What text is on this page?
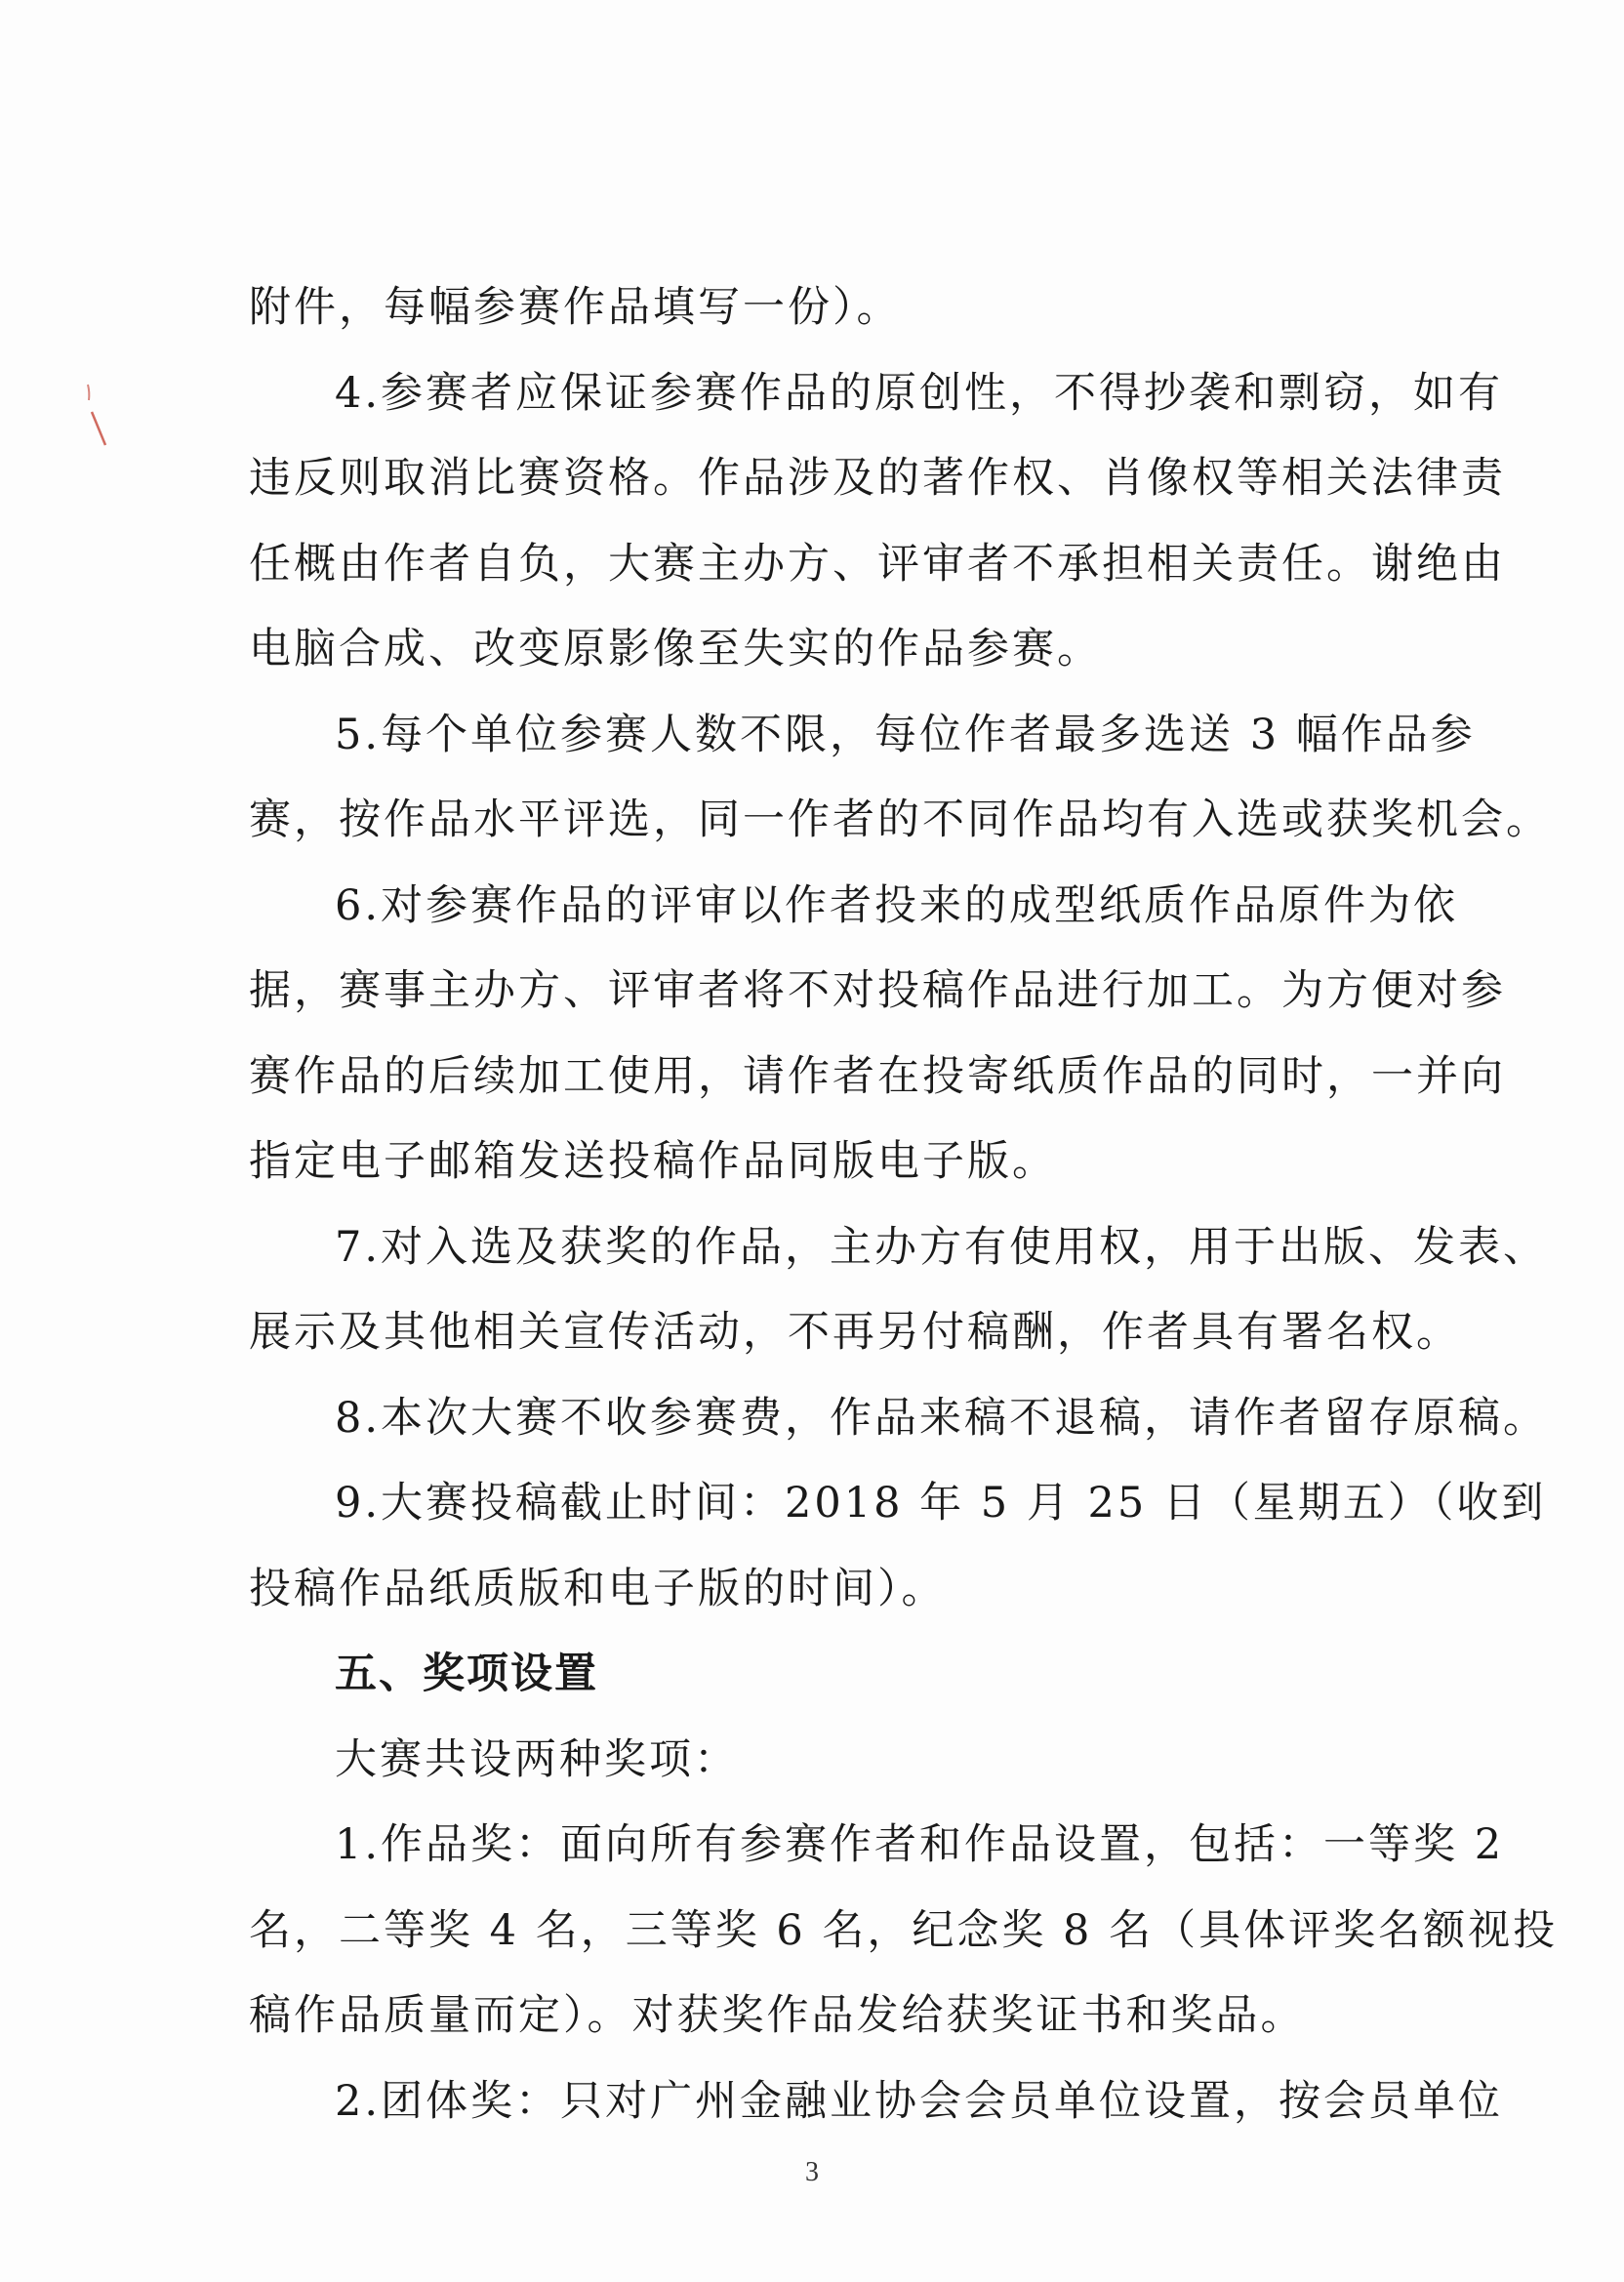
附件，每幅参赛作品填写一份）。
4.参赛者应保证参赛作品的原创性，不得抄袭和剽窃，如有
违反则取消比赛资格。作品涉及的著作权、肖像权等相关法律责
任概由作者自负，大赛主办方、评审者不承担相关责任。谢绝由
电脑合成、改变原影像至失实的作品参赛。
5.每个单位参赛人数不限，每位作者最多选送 3 幅作品参
赛，按作品水平评选，同一作者的不同作品均有入选或获奖机会。
6.对参赛作品的评审以作者投来的成型纸质作品原件为依
据，赛事主办方、评审者将不对投稿作品进行加工。为方便对参
赛作品的后续加工使用，请作者在投寄纸质作品的同时，一并向
指定电子邮箱发送投稿作品同版电子版。
7.对入选及获奖的作品，主办方有使用权，用于出版、发表、
展示及其他相关宣传活动，不再另付稿酬，作者具有署名权。
8.本次大赛不收参赛费，作品来稿不退稿，请作者留存原稿。
9.大赛投稿截止时间：2018 年 5 月 25 日（星期五）（收到
投稿作品纸质版和电子版的时间）。
五、奖项设置
大赛共设两种奖项：
1.作品奖：面向所有参赛作者和作品设置，包括：一等奖 2
名，二等奖 4 名，三等奖 6 名，纪念奖 8 名（具体评奖名额视投
稿作品质量而定）。对获奖作品发给获奖证书和奖品。
2.团体奖：只对广州金融业协会会员单位设置，按会员单位
3
